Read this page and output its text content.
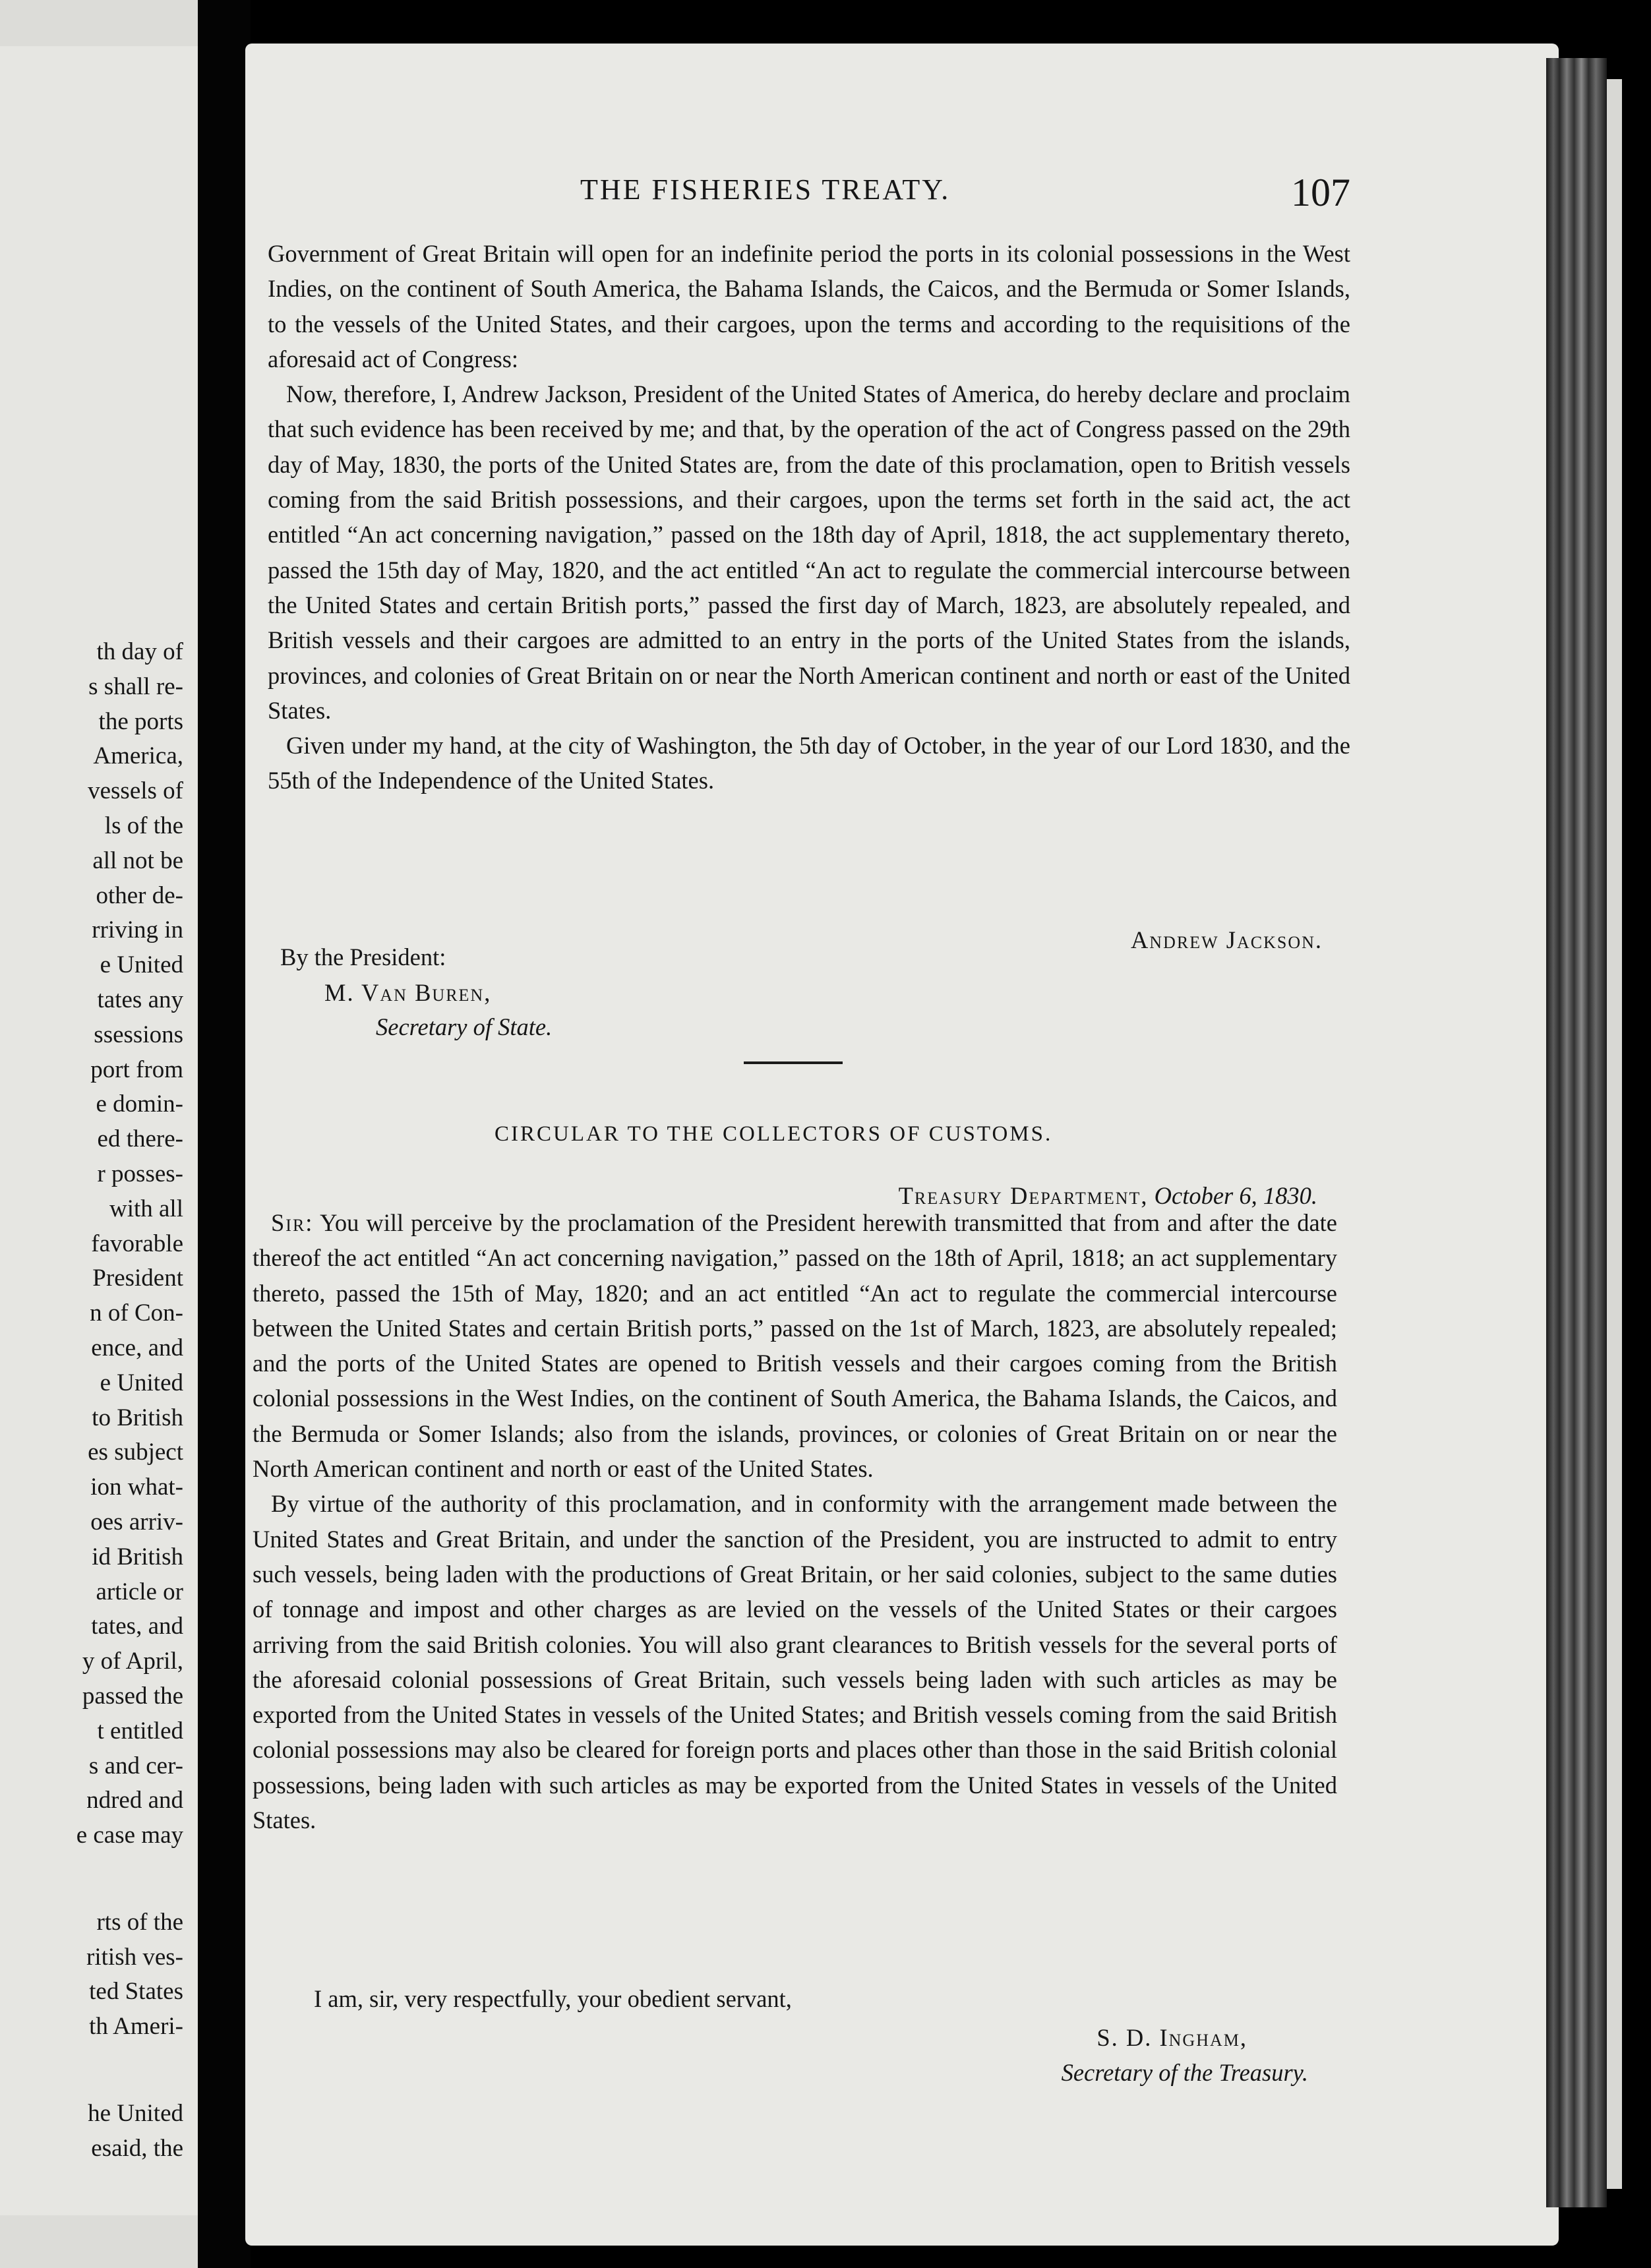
th day of
s shall re-
the ports
America,
vessels of
ls of the
all not be
other de-
rriving in
e United
tates any
ssessions
port from
e domin-
ed there-
r posses-
with all
favorable
President
n of Con-
ence, and
e United
to British
es subject
ion what-
oes arriv-
id British
article or
tates, and
y of April,
passed the
t entitled
s and cer-
ndred and
e case may
rts of the
ritish ves-
ted States
th Ameri-
he United
esaid, the
THE FISHERIES TREATY.	107

Government of Great Britain will open for an indefinite period the ports in its colonial possessions in the West Indies, on the continent of South America, the Bahama Islands, the Caicos, and the Bermuda or Somer Islands, to the vessels of the United States, and their cargoes, upon the terms and according to the requisitions of the aforesaid act of Congress:

Now, therefore, I, Andrew Jackson, President of the United States of America, do hereby declare and proclaim that such evidence has been received by me; and that, by the operation of the act of Congress passed on the 29th day of May, 1830, the ports of the United States are, from the date of this proclamation, open to British vessels coming from the said British possessions, and their cargoes, upon the terms set forth in the said act, the act entitled “An act concerning navigation,” passed on the 18th day of April, 1818, the act supplementary thereto, passed the 15th day of May, 1820, and the act entitled “An act to regulate the commercial intercourse between the United States and certain British ports,” passed the first day of March, 1823, are absolutely repealed, and British vessels and their cargoes are admitted to an entry in the ports of the United States from the islands, provinces, and colonies of Great Britain on or near the North American continent and north or east of the United States.

Given under my hand, at the city of Washington, the 5th day of October, in the year of our Lord 1830, and the 55th of the Independence of the United States.

Andrew Jackson.
By the President:
M. Van Buren,
Secretary of State.
CIRCULAR TO THE COLLECTORS OF CUSTOMS.
Treasury Department, October 6, 1830.

Sir: You will perceive by the proclamation of the President herewith transmitted that from and after the date thereof the act entitled “An act concerning navigation,” passed on the 18th of April, 1818; an act supplementary thereto, passed the 15th of May, 1820; and an act entitled “An act to regulate the commercial intercourse between the United States and certain British ports,” passed on the 1st of March, 1823, are absolutely repealed; and the ports of the United States are opened to British vessels and their cargoes coming from the British colonial possessions in the West Indies, on the continent of South America, the Bahama Islands, the Caicos, and the Bermuda or Somer Islands; also from the islands, provinces, or colonies of Great Britain on or near the North American continent and north or east of the United States.

By virtue of the authority of this proclamation, and in conformity with the arrangement made between the United States and Great Britain, and under the sanction of the President, you are instructed to admit to entry such vessels, being laden with the productions of Great Britain, or her said colonies, subject to the same duties of tonnage and impost and other charges as are levied on the vessels of the United States or their cargoes arriving from the said British colonies. You will also grant clearances to British vessels for the several ports of the aforesaid colonial possessions of Great Britain, such vessels being laden with such articles as may be exported from the United States in vessels of the United States; and British vessels coming from the said British colonial possessions may also be cleared for foreign ports and places other than those in the said British colonial possessions, being laden with such articles as may be exported from the United States in vessels of the United States.

I am, sir, very respectfully, your obedient servant,
S. D. Ingham,
Secretary of the Treasury.
